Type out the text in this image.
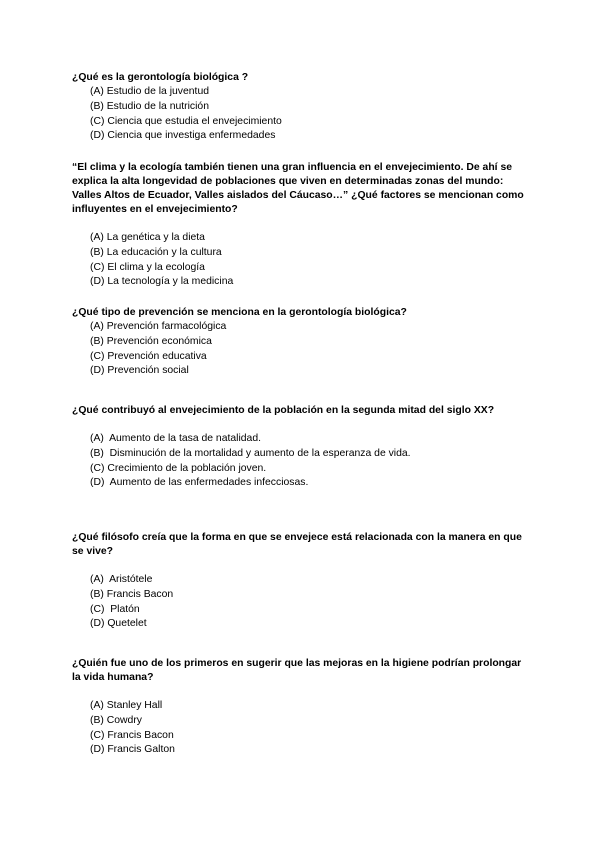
¿Qué es la gerontología biológica ?

(A) Estudio de la juventud
(B) Estudio de la nutrición
(C) Ciencia que estudia el envejecimiento
(D) Ciencia que investiga enfermedades

“El clima y la ecología también tienen una gran influencia en el envejecimiento. De ahí se explica la alta longevidad de poblaciones que viven en determinadas zonas del mundo: Valles Altos de Ecuador, Valles aislados del Cáucaso…” ¿Qué factores se mencionan como influyentes en el envejecimiento?

(A) La genética y la dieta
(B) La educación y la cultura
(C) El clima y la ecología
(D) La tecnología y la medicina

¿Qué tipo de prevención se menciona en la gerontología biológica?

(A) Prevención farmacológica
(B) Prevención económica
(C) Prevención educativa
(D) Prevención social

¿Qué contribuyó al envejecimiento de la población en la segunda mitad del siglo XX?

(A) Aumento de la tasa de natalidad.
(B) Disminución de la mortalidad y aumento de la esperanza de vida.
(C) Crecimiento de la población joven.
(D) Aumento de las enfermedades infecciosas.

¿Qué filósofo creía que la forma en que se envejece está relacionada con la manera en que se vive?

(A) Aristótele
(B) Francis Bacon
(C) Platón
(D) Quetelet

¿Quién fue uno de los primeros en sugerir que las mejoras en la higiene podrían prolongar la vida humana?

(A) Stanley Hall
(B) Cowdry
(C) Francis Bacon
(D) Francis Galton
